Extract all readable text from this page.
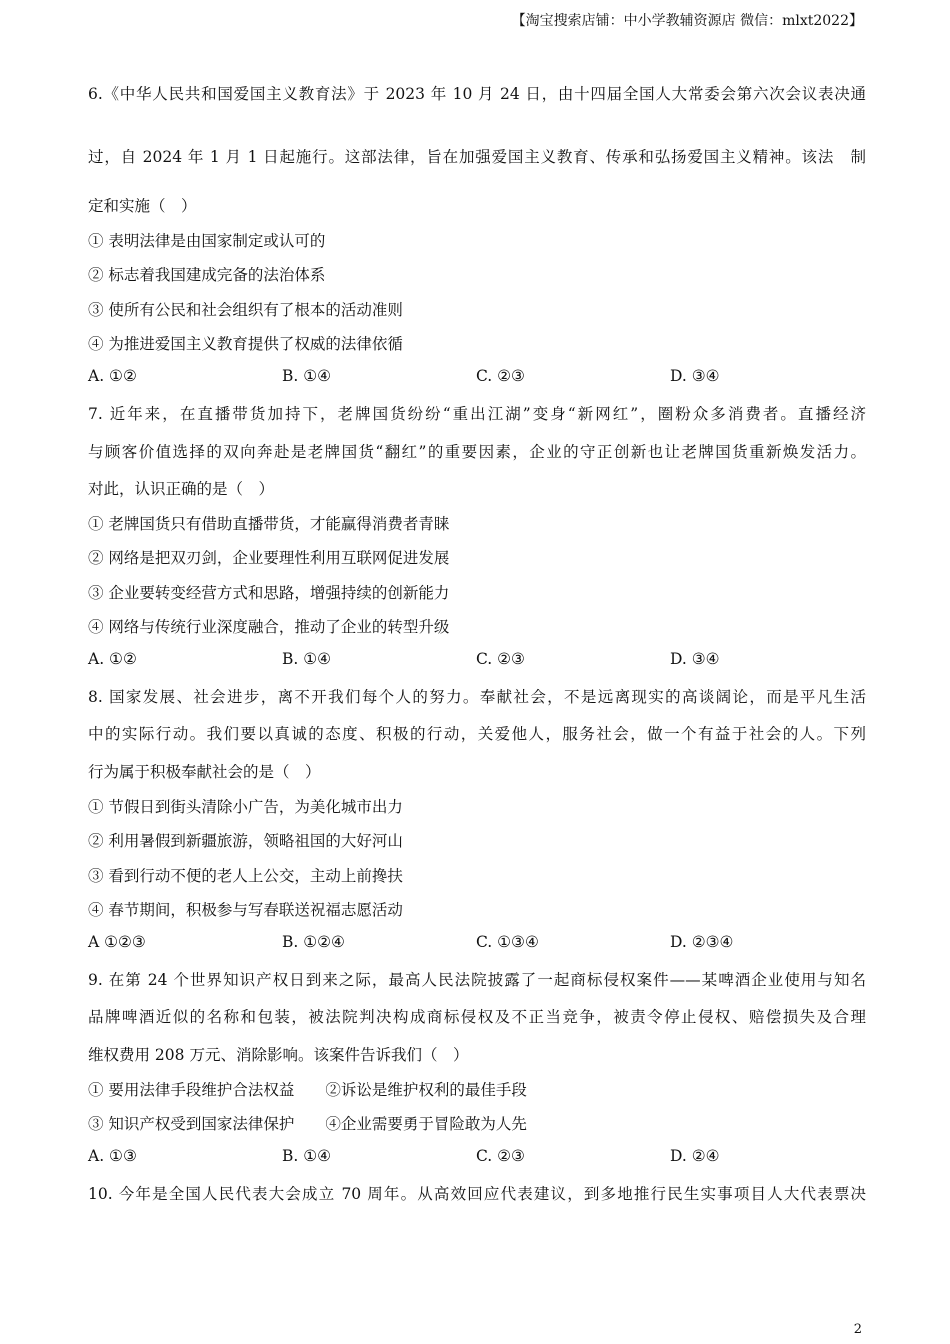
【淘宝搜索店铺：中小学教辅资源店 微信：mlxt2022】
6.《中华人民共和国爱国主义教育法》于 2023 年 10 月 24 日，由十四届全国人大常委会第六次会议表决通
过，自 2024 年 1 月 1 日起施行。这部法律，旨在加强爱国主义教育、传承和弘扬爱国主义精神。该法　制
定和实施（　）
① 表明法律是由国家制定或认可的
② 标志着我国建成完备的法治体系
③ 使所有公民和社会组织有了根本的活动准则
④ 为推进爱国主义教育提供了权威的法律依循
A. ①②	B. ①④	C. ②③	D. ③④
7. 近年来，在直播带货加持下，老牌国货纷纷“重出江湖”变身“新网红”，圈粉众多消费者。直播经济
与顾客价值选择的双向奔赴是老牌国货“翻红”的重要因素，企业的守正创新也让老牌国货重新焕发活力。
对此，认识正确的是（　）
① 老牌国货只有借助直播带货，才能赢得消费者青睐
② 网络是把双刃剑，企业要理性利用互联网促进发展
③ 企业要转变经营方式和思路，增强持续的创新能力
④ 网络与传统行业深度融合，推动了企业的转型升级
A. ①②	B. ①④	C. ②③	D. ③④
8. 国家发展、社会进步，离不开我们每个人的努力。奉献社会，不是远离现实的高谈阔论，而是平凡生活
中的实际行动。我们要以真诚的态度、积极的行动，关爱他人，服务社会，做一个有益于社会的人。下列
行为属于积极奉献社会的是（　）
① 节假日到街头清除小广告，为美化城市出力
② 利用暑假到新疆旅游，领略祖国的大好河山
③ 看到行动不便的老人上公交，主动上前搀扶
④ 春节期间，积极参与写春联送祝福志愿活动
A ①②③	B. ①②④	C. ①③④	D. ②③④
9. 在第 24 个世界知识产权日到来之际，最高人民法院披露了一起商标侵权案件——某啤酒企业使用与知名
品牌啤酒近似的名称和包装，被法院判决构成商标侵权及不正当竞争，被责令停止侵权、赔偿损失及合理
维权费用 208 万元、消除影响。该案件告诉我们（　）
① 要用法律手段维护合法权益　　②诉讼是维护权利的最佳手段
③ 知识产权受到国家法律保护　　④企业需要勇于冒险敢为人先
A. ①③	B. ①④	C. ②③	D. ②④
10. 今年是全国人民代表大会成立 70 周年。从高效回应代表建议，到多地推行民生实事项目人大代表票决
2
